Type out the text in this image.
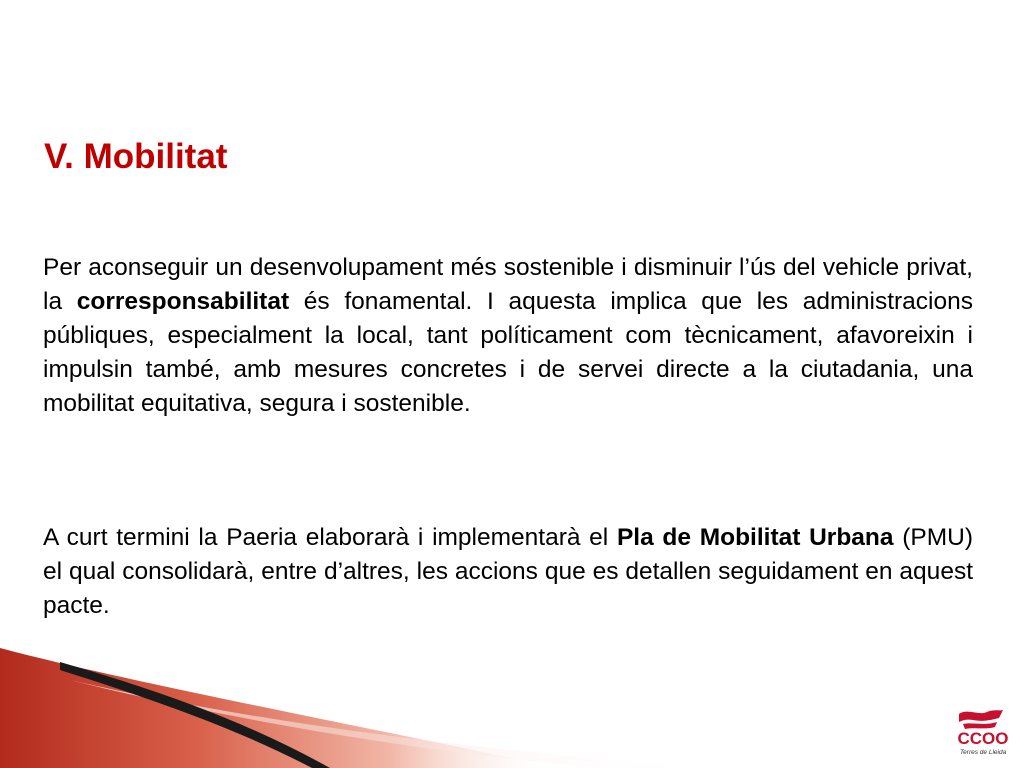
V. Mobilitat

Per aconseguir un desenvolupament més sostenible i disminuir l’ús del vehicle privat, la corresponsabilitat és fonamental. I aquesta implica que les administracions públiques, especialment la local, tant políticament com tècnicament, afavoreixin i impulsin també, amb mesures concretes i de servei directe a la ciutadania, una mobilitat equitativa, segura i sostenible.

A curt termini la Paeria elaborarà i implementarà el Pla de Mobilitat Urbana (PMU) el qual consolidarà, entre d’altres, les accions que es detallen seguidament en aquest pacte.

CCOO
Terres de Lleida
